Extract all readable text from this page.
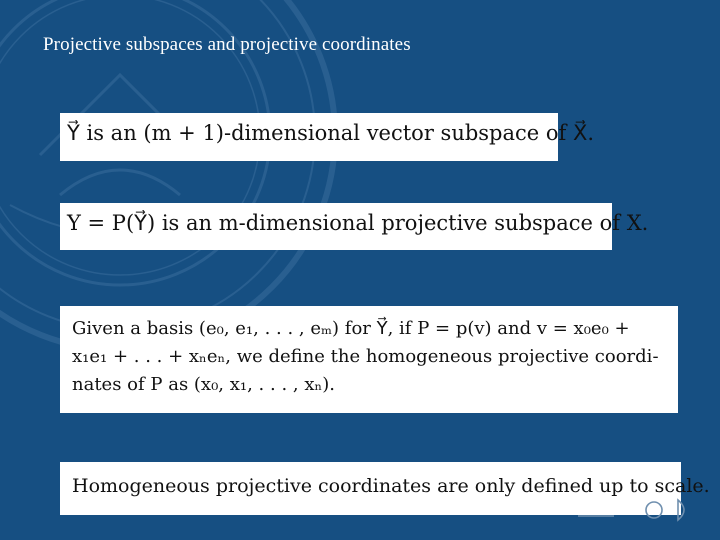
Projective subspaces and projective coordinates
Y⃗ is an (m + 1)-dimensional vector subspace of X⃗.
Y = P(Y⃗) is an m-dimensional projective subspace of X.
Given a basis (e₀, e₁, . . . , eₘ) for Y⃗, if P = p(v) and v = x₀e₀ +
x₁e₁ + . . . + xₙeₙ, we define the homogeneous projective coordi-
nates of P as (x₀, x₁, . . . , xₙ).
Homogeneous projective coordinates are only defined up to scale.
